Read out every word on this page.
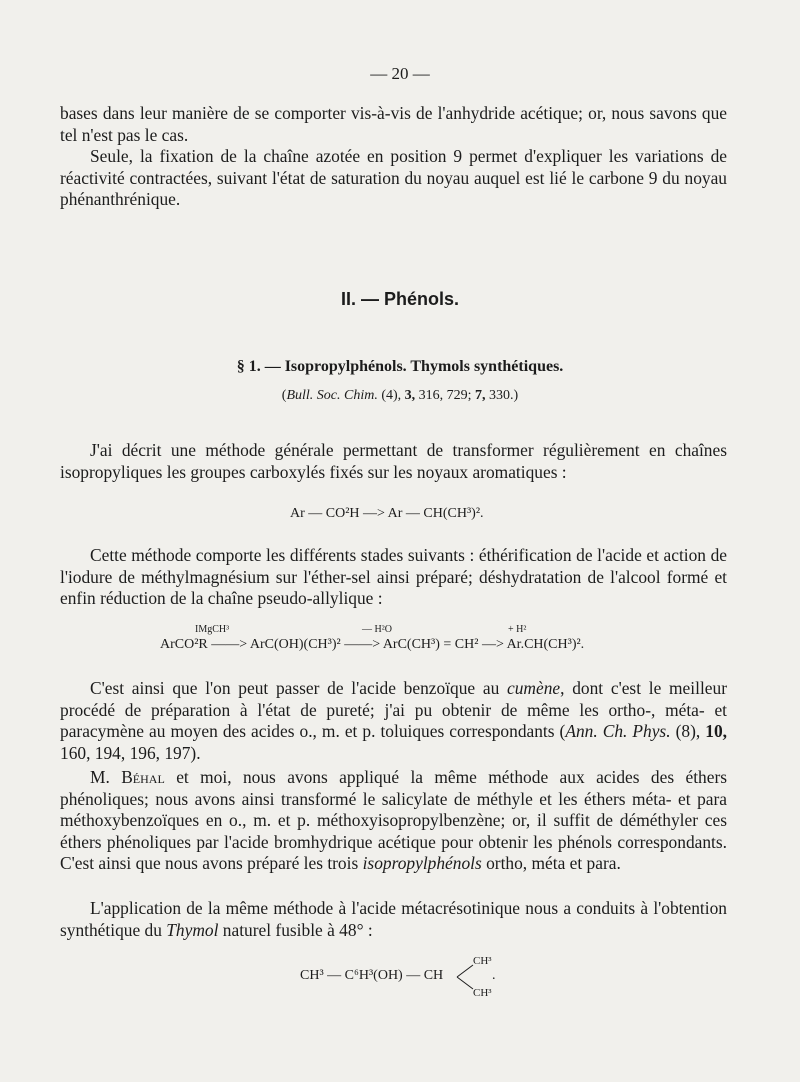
— 20 —

bases dans leur manière de se comporter vis-à-vis de l'anhydride acétique; or, nous savons que tel n'est pas le cas.

Seule, la fixation de la chaîne azotée en position 9 permet d'expliquer les variations de réactivité contractées, suivant l'état de saturation du noyau auquel est lié le carbone 9 du noyau phénanthrénique.

II. — Phénols.
§ 1. — Isopropylphénols. Thymols synthétiques.
(Bull. Soc. Chim. (4), 3, 316, 729; 7, 330.)

J'ai décrit une méthode générale permettant de transformer régulièrement en chaînes isopropyliques les groupes carboxylés fixés sur les noyaux aromatiques :

Ar — CO²H —> Ar — CH(CH³)².

Cette méthode comporte les différents stades suivants : éthérification de l'acide et action de l'iodure de méthylmagnésium sur l'éther-sel ainsi préparé; déshydratation de l'alcool formé et enfin réduction de la chaîne pseudo-allylique :

IMgCH³	— H²O	+ H²
ArCO²R ——> ArC(OH)(CH³)² ——> ArC(CH³) = CH² —> Ar.CH(CH³)².

C'est ainsi que l'on peut passer de l'acide benzoïque au cumène, dont c'est le meilleur procédé de préparation à l'état de pureté; j'ai pu obtenir de même les ortho-, méta- et paracymène au moyen des acides o., m. et p. toluiques correspondants (Ann. Ch. Phys. (8), 10, 160, 194, 196, 197).

M. Béhal et moi, nous avons appliqué la même méthode aux acides des éthers phénoliques; nous avons ainsi transformé le salicylate de méthyle et les éthers méta- et para méthoxybenzoïques en o., m. et p. méthoxyisopropylbenzène; or, il suffit de déméthyler ces éthers phénoliques par l'acide bromhydrique acétique pour obtenir les phénols correspondants. C'est ainsi que nous avons préparé les trois isopropylphénols ortho, méta et para.

L'application de la même méthode à l'acide métacrésotinique nous a conduits à l'obtention synthétique du Thymol naturel fusible à 48° :

CH³ — C⁶H³(OH) — CH
CH³
CH³
.
